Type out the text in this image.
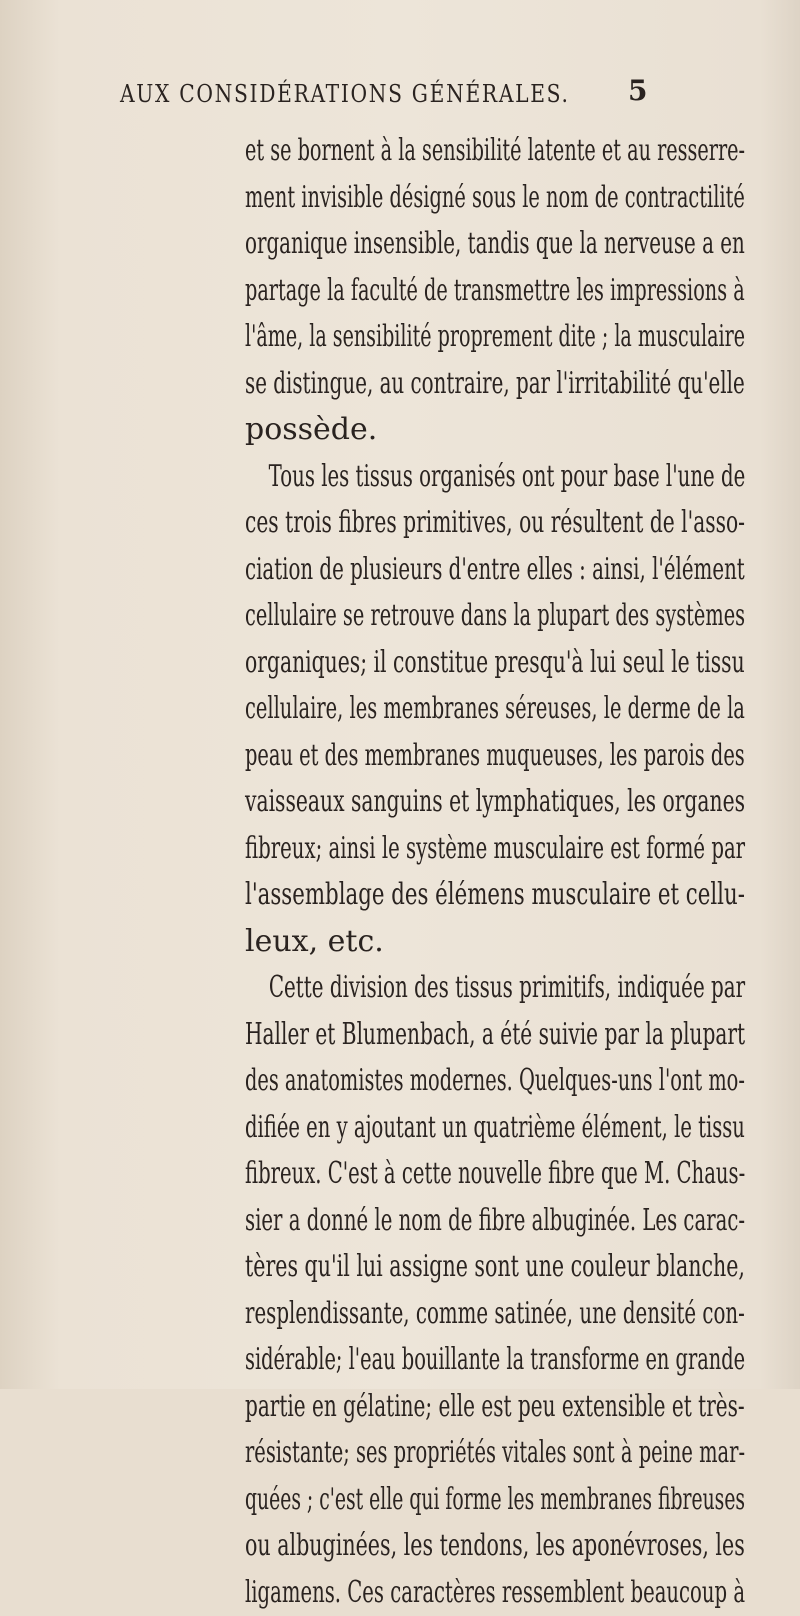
AUX CONSIDÉRATIONS GÉNÉRALES. 5
et se bornent à la sensibilité latente et au resserre-
ment invisible désigné sous le nom de contractilité
organique insensible, tandis que la nerveuse a en
partage la faculté de transmettre les impressions à
l'âme, la sensibilité proprement dite ; la musculaire
se distingue, au contraire, par l'irritabilité qu'elle
possède.
Tous les tissus organisés ont pour base l'une de
ces trois fibres primitives, ou résultent de l'asso-
ciation de plusieurs d'entre elles : ainsi, l'élément
cellulaire se retrouve dans la plupart des systèmes
organiques; il constitue presqu'à lui seul le tissu
cellulaire, les membranes séreuses, le derme de la
peau et des membranes muqueuses, les parois des
vaisseaux sanguins et lymphatiques, les organes
fibreux; ainsi le système musculaire est formé par
l'assemblage des élémens musculaire et cellu-
leux, etc.
Cette division des tissus primitifs, indiquée par
Haller et Blumenbach, a été suivie par la plupart
des anatomistes modernes. Quelques-uns l'ont mo-
difiée en y ajoutant un quatrième élément, le tissu
fibreux. C'est à cette nouvelle fibre que M. Chaus-
sier a donné le nom de fibre albuginée. Les carac-
tères qu'il lui assigne sont une couleur blanche,
resplendissante, comme satinée, une densité con-
sidérable; l'eau bouillante la transforme en grande
partie en gélatine; elle est peu extensible et très-
résistante; ses propriétés vitales sont à peine mar-
quées ; c'est elle qui forme les membranes fibreuses
ou albuginées, les tendons, les aponévroses, les
ligamens. Ces caractères ressemblent beaucoup à
